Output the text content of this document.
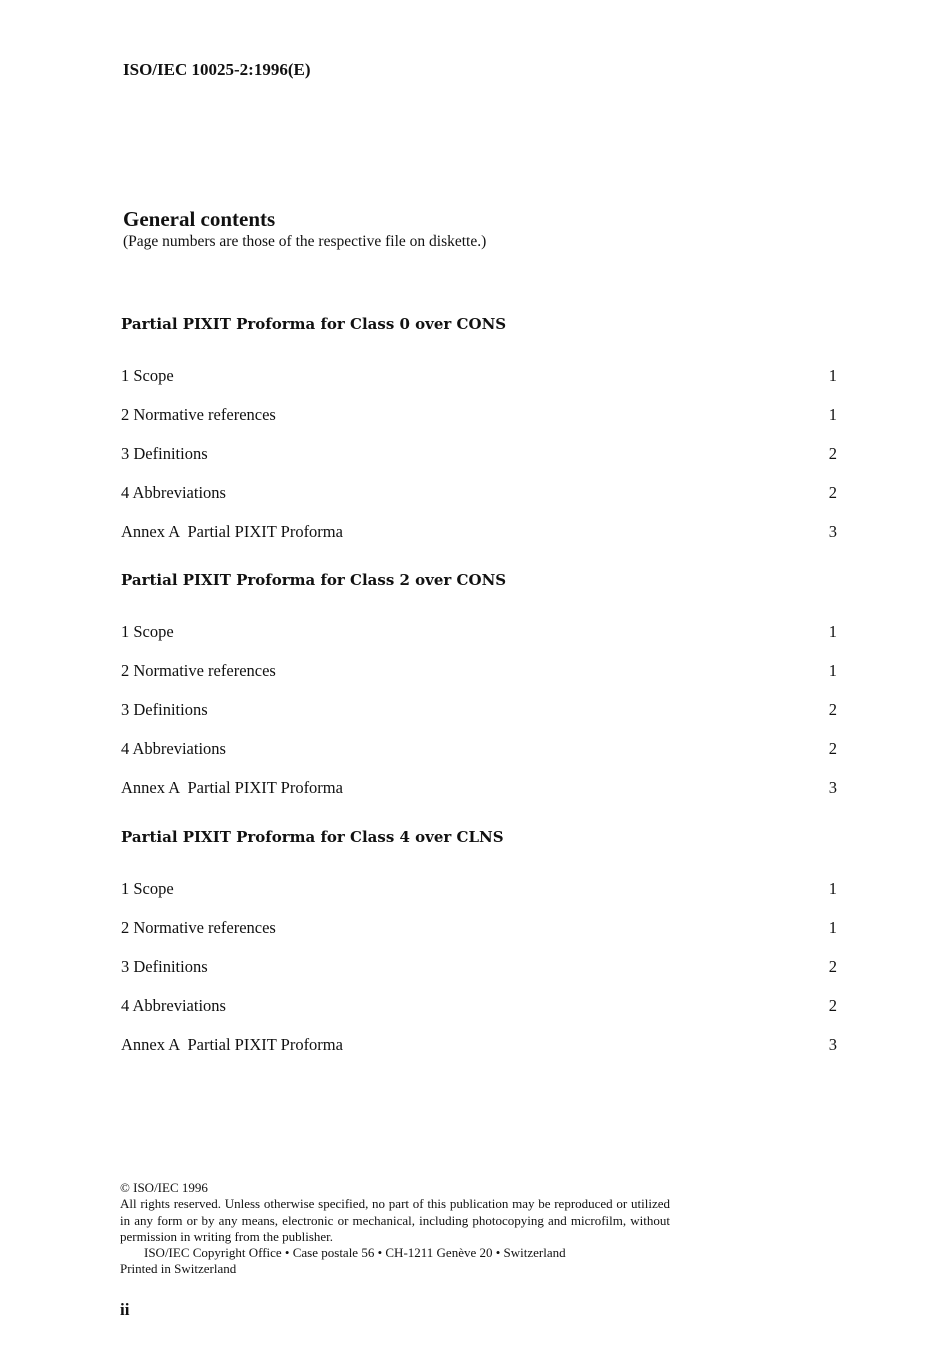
ISO/IEC 10025-2:1996(E)
General contents
(Page numbers are those of the respective file on diskette.)
Partial PIXIT Proforma for Class 0 over CONS
1 Scope	1
2 Normative references	1
3 Definitions	2
4 Abbreviations	2
Annex A  Partial PIXIT Proforma	3
Partial PIXIT Proforma for Class 2 over CONS
1 Scope	1
2 Normative references	1
3 Definitions	2
4 Abbreviations	2
Annex A  Partial PIXIT Proforma	3
Partial PIXIT Proforma for Class 4 over CLNS
1 Scope	1
2 Normative references	1
3 Definitions	2
4 Abbreviations	2
Annex A  Partial PIXIT Proforma	3
© ISO/IEC 1996
All rights reserved. Unless otherwise specified, no part of this publication may be reproduced or utilized in any form or by any means, electronic or mechanical, including photocopying and microfilm, without permission in writing from the publisher.
ISO/IEC Copyright Office • Case postale 56 • CH-1211 Genève 20 • Switzerland
Printed in Switzerland
ii
